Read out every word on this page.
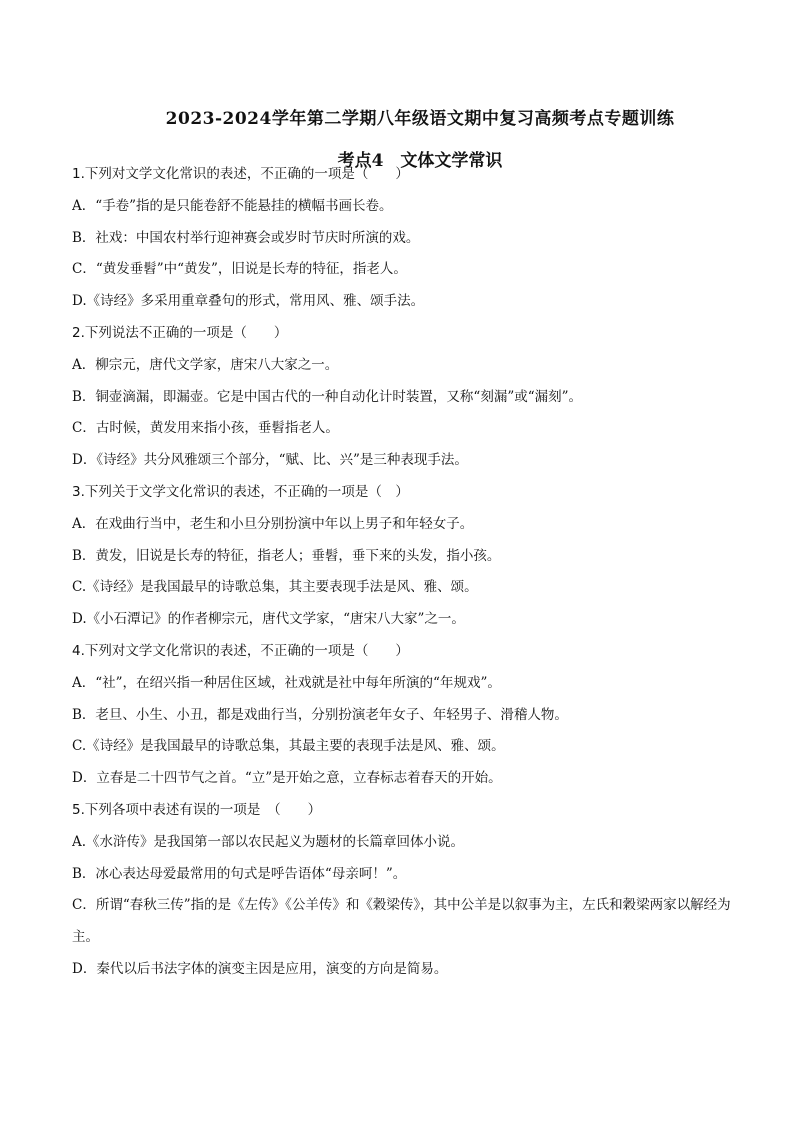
2023-2024学年第二学期八年级语文期中复习高频考点专题训练
考点4　文体文学常识
1.下列对文学文化常识的表述，不正确的一项是（　　）
A．“手卷”指的是只能卷舒不能悬挂的横幅书画长卷。
B．社戏：中国农村举行迎神赛会或岁时节庆时所演的戏。
C．“黄发垂髫”中“黄发”，旧说是长寿的特征，指老人。
D.《诗经》多采用重章叠句的形式，常用风、雅、颂手法。
2.下列说法不正确的一项是（　　）
A．柳宗元，唐代文学家，唐宋八大家之一。
B．铜壶滴漏，即漏壶。它是中国古代的一种自动化计时装置，又称“刻漏”或“漏刻”。
C．古时候，黄发用来指小孩，垂髫指老人。
D．《诗经》共分风雅颂三个部分，“赋、比、兴”是三种表现手法。
3.下列关于文学文化常识的表述，不正确的一项是（　）
A．在戏曲行当中，老生和小旦分别扮演中年以上男子和年轻女子。
B．黄发，旧说是长寿的特征，指老人；垂髫，垂下来的头发，指小孩。
C.《诗经》是我国最早的诗歌总集，其主要表现手法是风、雅、颂。
D.《小石潭记》的作者柳宗元，唐代文学家，“唐宋八大家”之一。
4.下列对文学文化常识的表述，不正确的一项是（　　）
A．“社”，在绍兴指一种居住区域，社戏就是社中每年所演的“年规戏”。
B．老旦、小生、小丑，都是戏曲行当，分别扮演老年女子、年轻男子、滑稽人物。
C.《诗经》是我国最早的诗歌总集，其最主要的表现手法是风、雅、颂。
D．立春是二十四节气之首。“立”是开始之意，立春标志着春天的开始。
5.下列各项中表述有误的一项是　（　　）
A.《水浒传》是我国第一部以农民起义为题材的长篇章回体小说。
B．冰心表达母爱最常用的句式是呼告语体“母亲呵！”。
C．所谓“春秋三传”指的是《左传》《公羊传》和《穀梁传》，其中公羊是以叙事为主，左氏和穀梁两家以解经为主。
D．秦代以后书法字体的演变主因是应用，演变的方向是简易。
